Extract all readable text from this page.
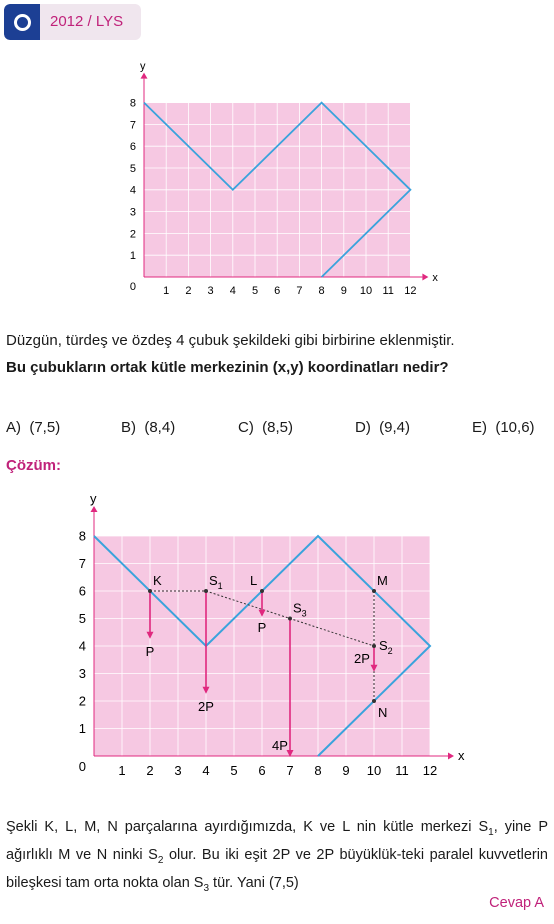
2012 / LYS
x
y
1 2 3 4 5 6 7 8 9 10 11 12
1
2
3
4
5
6
7
8
0
Düzgün, türdeş ve özdeş 4 çubuk şekildeki gibi birbirine eklenmiştir.
Bu çubukların ortak kütle merkezinin (x,y) koordinatları nedir?
A) (7,5)	B) (8,4)	C) (8,5)	D) (9,4)	E) (10,6)
Çözüm:
x
y
1 2 3 4 5 6 7 8 9 10 11 12
1
2
3
4
5
6
7
8
0
P
2P
P
4P
2P
K	$S_1$ L
$S_3$
M
$S_2$
N
Şekli K, L, M, N parçalarına ayırdığımızda, K ve L nin kütle merkezi $S_1$, yine P ağırlıklı M ve N ninki $S_2$ olur. Bu iki eşit 2P ve 2P büyüklük-teki paralel kuvvetlerin bileşkesi tam orta nokta olan $S_3$ tür. Yani (7,5)
Cevap A
